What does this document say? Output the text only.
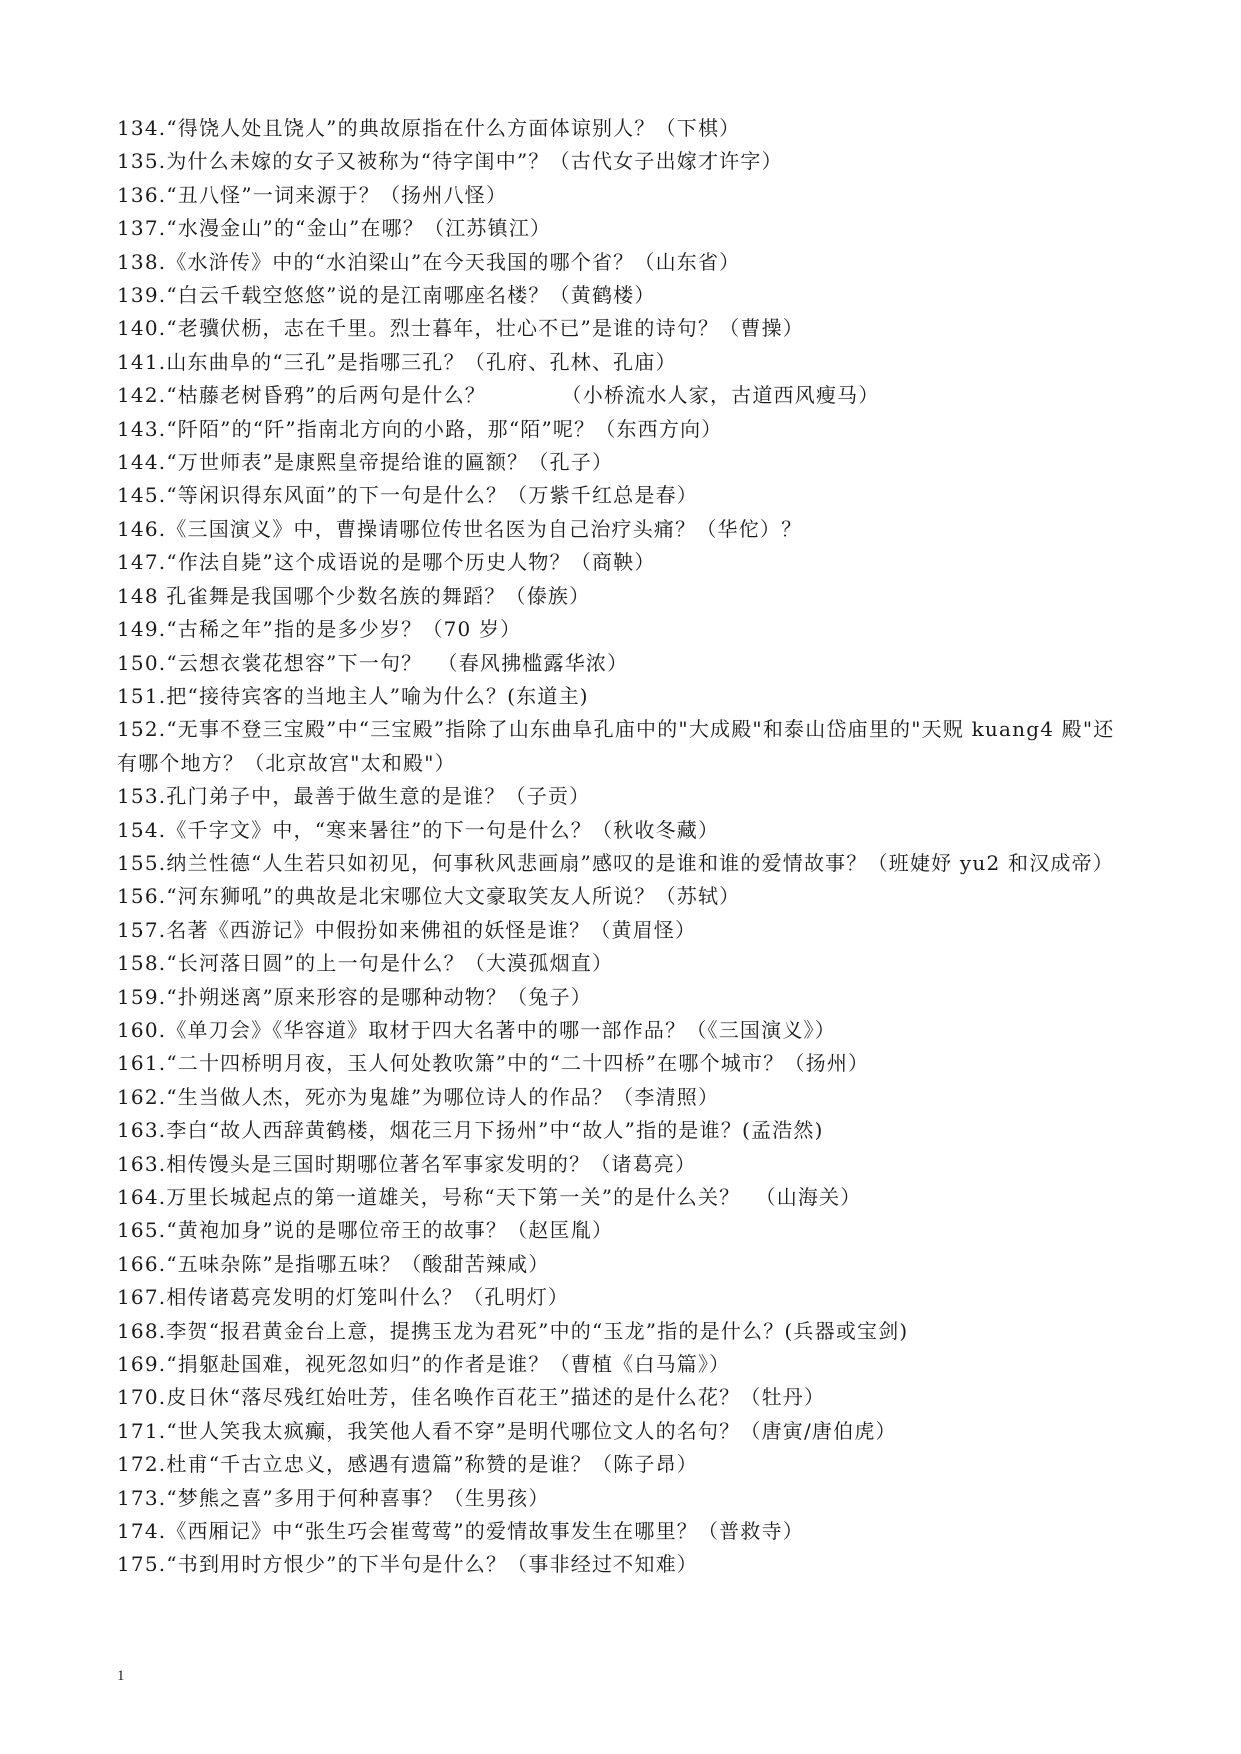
134.“得饶人处且饶人”的典故原指在什么方面体谅别人？（下棋）
135.为什么未嫁的女子又被称为“待字闺中”？（古代女子出嫁才许字）
136.“丑八怪”一词来源于？（扬州八怪）
137.“水漫金山”的“金山”在哪？（江苏镇江）
138.《水浒传》中的“水泊梁山”在今天我国的哪个省？（山东省）
139.“白云千载空悠悠”说的是江南哪座名楼？（黄鹤楼）
140.“老骥伏枥，志在千里。烈士暮年，壮心不已”是谁的诗句？（曹操）
141.山东曲阜的“三孔”是指哪三孔？（孔府、孔林、孔庙）
142.“枯藤老树昏鸦”的后两句是什么？          （小桥流水人家，古道西风瘦马）
143.“阡陌”的“阡”指南北方向的小路，那“陌”呢？（东西方向）
144.“万世师表”是康熙皇帝提给谁的匾额？（孔子）
145.“等闲识得东风面”的下一句是什么？（万紫千红总是春）
146.《三国演义》中，曹操请哪位传世名医为自己治疗头痛？（华佗）？
147.“作法自毙”这个成语说的是哪个历史人物？（商鞅）
148 孔雀舞是我国哪个少数名族的舞蹈？（傣族）
149.“古稀之年”指的是多少岁？（70 岁）
150.“云想衣裳花想容”下一句？  （春风拂槛露华浓）
151.把“接待宾客的当地主人”喻为什么？(东道主)
152.“无事不登三宝殿”中“三宝殿”指除了山东曲阜孔庙中的"大成殿"和泰山岱庙里的"天贶 kuang4 殿"还有哪个地方？（北京故宫"太和殿"）
153.孔门弟子中，最善于做生意的是谁？（子贡）
154.《千字文》中，“寒来暑往”的下一句是什么？（秋收冬藏）
155.纳兰性德“人生若只如初见，何事秋风悲画扇”感叹的是谁和谁的爱情故事？（班婕妤 yu2 和汉成帝）
156.“河东狮吼”的典故是北宋哪位大文豪取笑友人所说？（苏轼）
157.名著《西游记》中假扮如来佛祖的妖怪是谁？（黄眉怪）
158.“长河落日圆”的上一句是什么？（大漠孤烟直）
159.“扑朔迷离”原来形容的是哪种动物？（兔子）
160.《单刀会》《华容道》取材于四大名著中的哪一部作品？（《三国演义》）
161.“二十四桥明月夜，玉人何处教吹箫”中的“二十四桥”在哪个城市？（扬州）
162.“生当做人杰，死亦为鬼雄”为哪位诗人的作品？（李清照）
163.李白“故人西辞黄鹤楼，烟花三月下扬州”中“故人”指的是谁？(孟浩然)
163.相传馒头是三国时期哪位著名军事家发明的？（诸葛亮）
164.万里长城起点的第一道雄关，号称“天下第一关”的是什么关？  （山海关）
165.“黄袍加身”说的是哪位帝王的故事？（赵匡胤）
166.“五味杂陈”是指哪五味？（酸甜苦辣咸）
167.相传诸葛亮发明的灯笼叫什么？（孔明灯）
168.李贺“报君黄金台上意，提携玉龙为君死”中的“玉龙”指的是什么？(兵器或宝剑)
169.“捐躯赴国难，视死忽如归”的作者是谁？（曹植《白马篇》）
170.皮日休“落尽残红始吐芳，佳名唤作百花王”描述的是什么花？（牡丹）
171.“世人笑我太疯癫，我笑他人看不穿”是明代哪位文人的名句？（唐寅/唐伯虎）
172.杜甫“千古立忠义，感遇有遗篇”称赞的是谁？（陈子昂）
173.“梦熊之喜”多用于何种喜事？（生男孩）
174.《西厢记》中“张生巧会崔莺莺”的爱情故事发生在哪里？（普救寺）
175.“书到用时方恨少”的下半句是什么？（事非经过不知难）
1
